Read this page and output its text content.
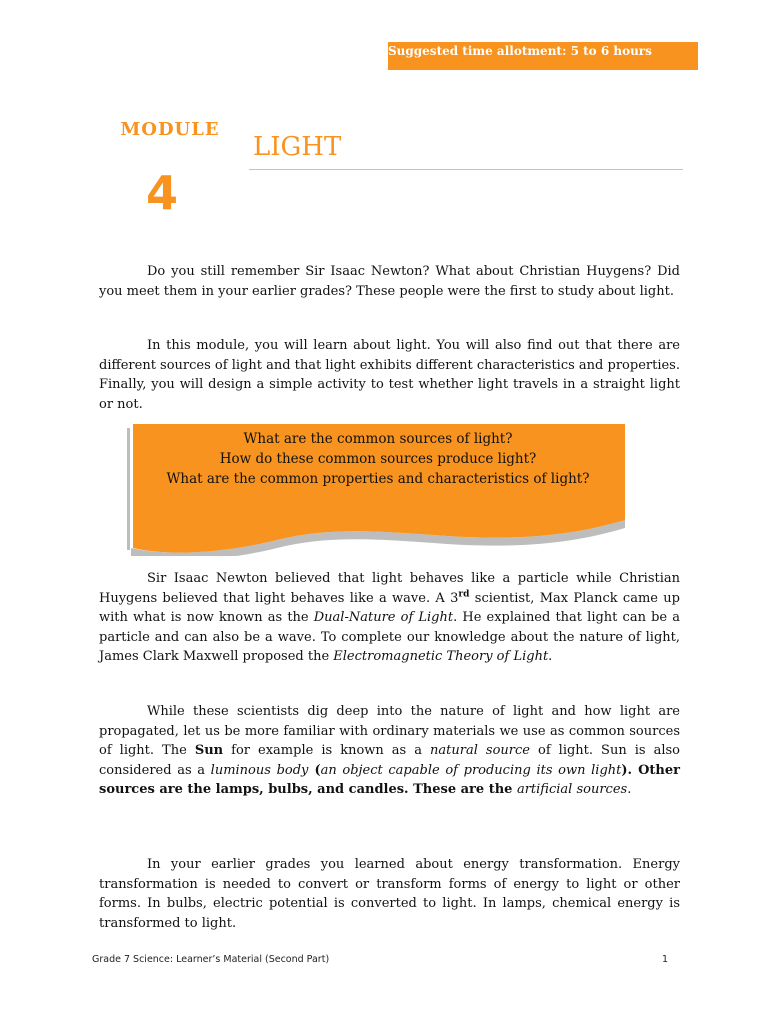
Suggested time allotment: 5 to 6 hours
MODULE
4
LIGHT

Do you still remember Sir Isaac Newton? What about Christian Huygens? Did you meet them in your earlier grades? These people were the first to study about light.

In this module, you will learn about light. You will also find out that there are different sources of light and that light exhibits different characteristics and properties. Finally, you will design a simple activity to test whether light travels in a straight light or not.

Sir Isaac Newton believed that light behaves like a particle while Christian Huygens believed that light behaves like a wave. A 3rd scientist, Max Planck came up with what is now known as the Dual-Nature of Light. He explained that light can be a particle and can also be a wave. To complete our knowledge about the nature of light, James Clark Maxwell proposed the Electromagnetic Theory of Light.

While these scientists dig deep into the nature of light and how light are propagated, let us be more familiar with ordinary materials we use as common sources of light. The Sun for example is known as a natural source of light. Sun is also considered as a luminous body (an object capable of producing its own light). Other sources are the lamps, bulbs, and candles. These are the artificial sources.

In your earlier grades you learned about energy transformation. Energy transformation is needed to convert or transform forms of energy to light or other forms. In bulbs, electric potential is converted to light. In lamps, chemical energy is transformed to light.

What are the common sources of light?
How do these common sources produce light?
What are the common properties and characteristics of light?
Grade 7 Science: Learner’s Material (Second Part)	1
